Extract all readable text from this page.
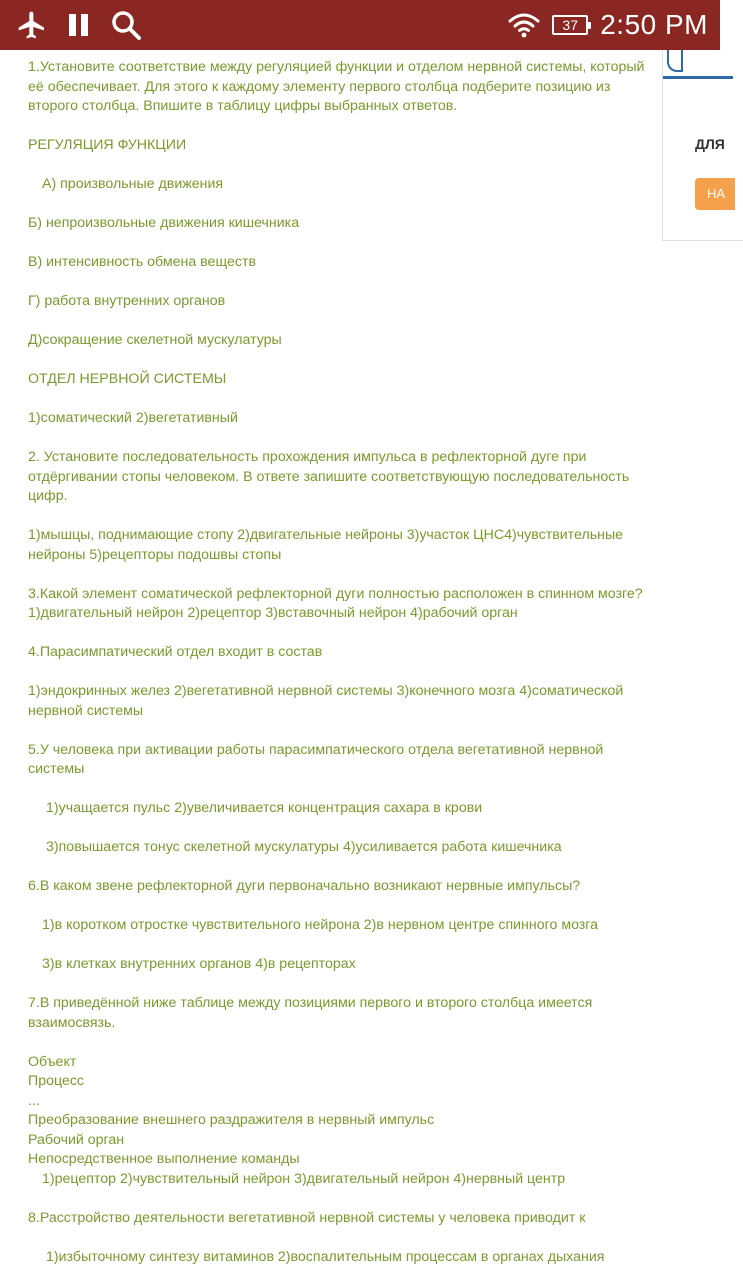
37 2:50 PM
ДЛЯ
НА

1.Установите соответствие между регуляцией функции и отделом нервной системы, который её обеспечивает. Для этого к каждому элементу первого столбца подберите позицию из второго столбца. Впишите в таблицу цифры выбранных ответов.

РЕГУЛЯЦИЯ ФУНКЦИИ

А) произвольные движения

Б) непроизвольные движения кишечника

В) интенсивность обмена веществ

Г) работа внутренних органов

Д)сокращение скелетной мускулатуры

ОТДЕЛ НЕРВНОЙ СИСТЕМЫ

1)соматический 2)вегетативный

2. Установите последовательность прохождения импульса в рефлекторной дуге при отдёргивании стопы человеком. В ответе запишите соответствующую последовательность цифр.

1)мышцы, поднимающие стопу 2)двигательные нейроны 3)участок ЦНС4)чувствительные нейроны 5)рецепторы подошвы стопы

3.Какой элемент соматической рефлекторной дуги полностью расположен в спинном мозге?1)двигательный нейрон 2)рецептор 3)вставочный нейрон 4)рабочий орган

4.Парасимпатический отдел входит в состав

1)эндокринных желез 2)вегетативной нервной системы 3)конечного мозга 4)соматической нервной системы

5.У человека при активации работы парасимпатического отдела вегетативной нервной системы

1)учащается пульс 2)увеличивается концентрация сахара в крови

3)повышается тонус скелетной мускулатуры 4)усиливается работа кишечника

6.В каком звене рефлекторной дуги первоначально возникают нервные импульсы?

1)в коротком отростке чувствительного нейрона 2)в нервном центре спинного мозга

3)в клетках внутренних органов 4)в рецепторах

7.В приведённой ниже таблице между позициями первого и второго столбца имеется взаимосвязь.

Объект

Процесс

...

Преобразование внешнего раздражителя в нервный импульс

Рабочий орган

Непосредственное выполнение команды

1)рецептор 2)чувствительный нейрон 3)двигательный нейрон 4)нервный центр

8.Расстройство деятельности вегетативной нервной системы у человека приводит к

1)избыточному синтезу витаминов 2)воспалительным процессам в органах дыхания
